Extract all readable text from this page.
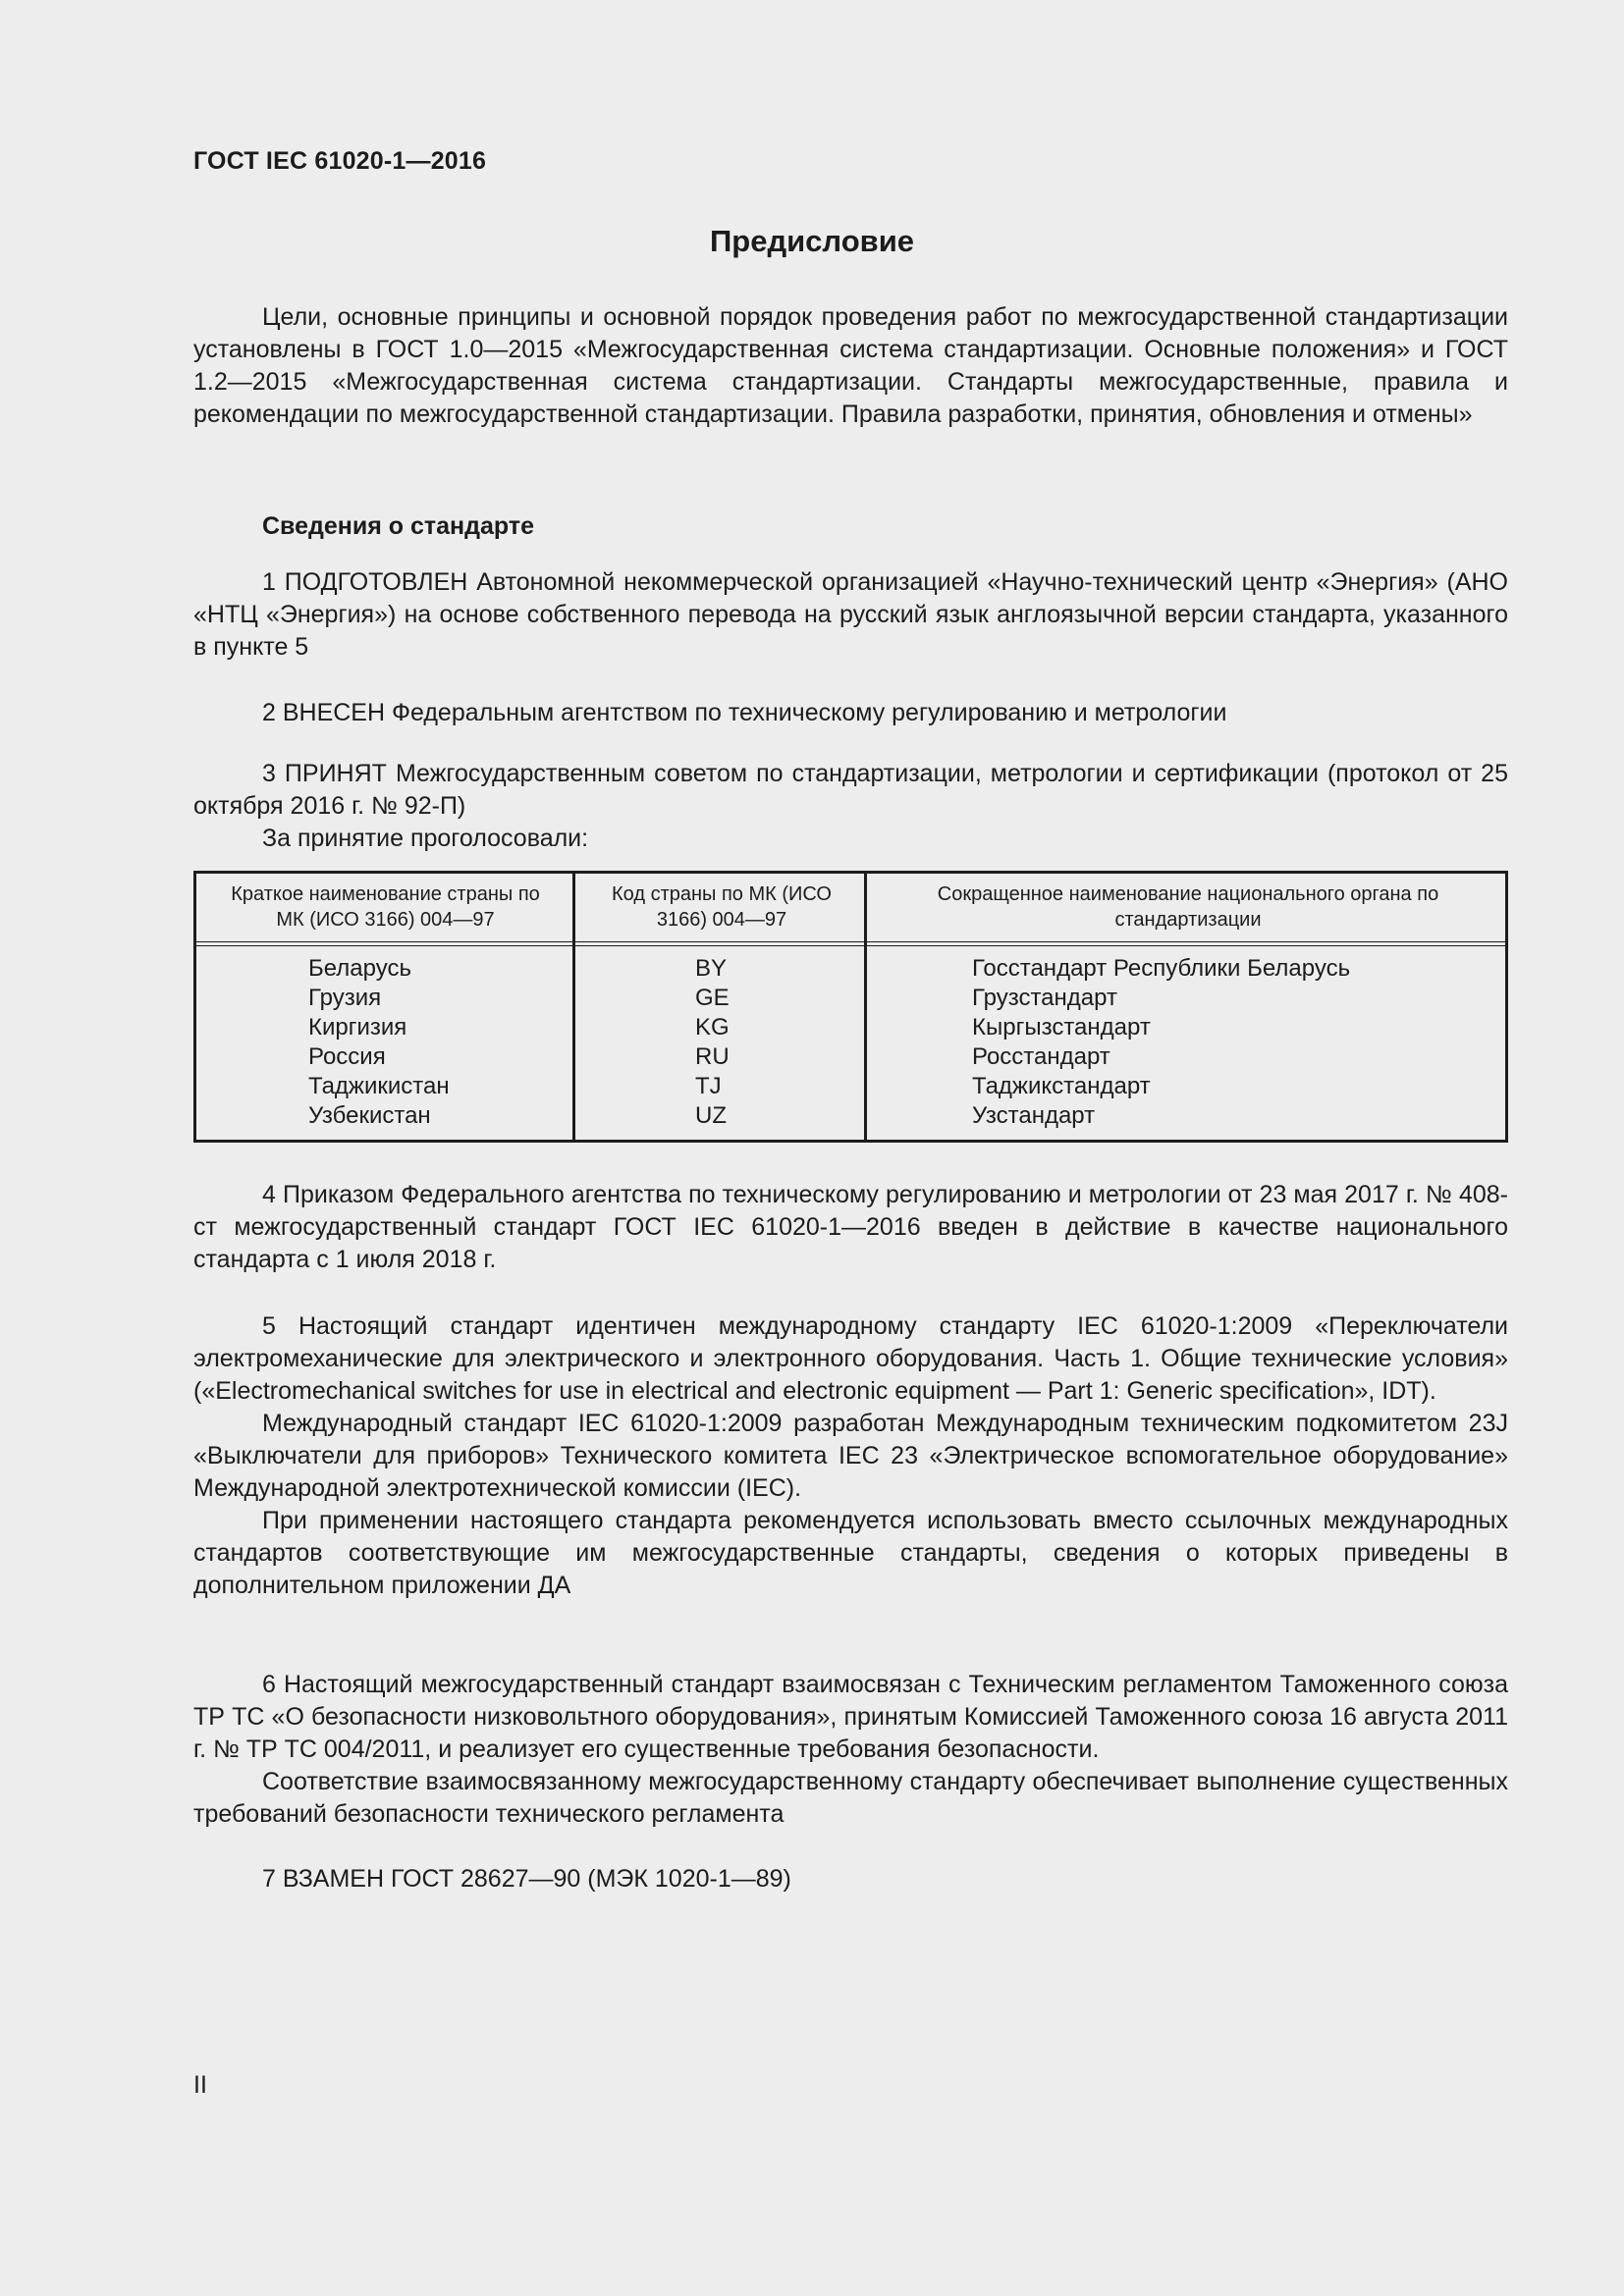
ГОСТ IEC 61020-1—2016
Предисловие

Цели, основные принципы и основной порядок проведения работ по межгосударственной стандартизации установлены в ГОСТ 1.0—2015 «Межгосударственная система стандартизации. Основные положения» и ГОСТ 1.2—2015 «Межгосударственная система стандартизации. Стандарты межгосударственные, правила и рекомендации по межгосударственной стандартизации. Правила разработки, принятия, обновления и отмены»

Сведения о стандарте

1 ПОДГОТОВЛЕН Автономной некоммерческой организацией «Научно-технический центр «Энергия» (АНО «НТЦ «Энергия») на основе собственного перевода на русский язык англоязычной версии стандарта, указанного в пункте 5

2 ВНЕСЕН Федеральным агентством по техническому регулированию и метрологии

3 ПРИНЯТ Межгосударственным советом по стандартизации, метрологии и сертификации (протокол от 25 октября 2016 г. № 92-П)

За принятие проголосовали:

Краткое наименование страны по МК (ИСО 3166) 004—97
Код страны по МК (ИСО 3166) 004—97
Сокращенное наименование национального органа по стандартизации
Беларусь
Грузия
Киргизия
Россия
Таджикистан
Узбекистан
BY
GE
KG
RU
TJ
UZ
Госстандарт Республики Беларусь
Грузстандарт
Кыргызстандарт
Росстандарт
Таджикстандарт
Узстандарт

4 Приказом Федерального агентства по техническому регулированию и метрологии от 23 мая 2017 г. № 408-ст межгосударственный стандарт ГОСТ IEC 61020-1—2016 введен в действие в качестве национального стандарта с 1 июля 2018 г.

5 Настоящий стандарт идентичен международному стандарту IEC 61020-1:2009 «Переключатели электромеханические для электрического и электронного оборудования. Часть 1. Общие технические условия» («Electromechanical switches for use in electrical and electronic equipment — Part 1: Generic specification», IDT).

Международный стандарт IEC 61020-1:2009 разработан Международным техническим подкомитетом 23J «Выключатели для приборов» Технического комитета IEC 23 «Электрическое вспомогательное оборудование» Международной электротехнической комиссии (IEC).

При применении настоящего стандарта рекомендуется использовать вместо ссылочных международных стандартов соответствующие им межгосударственные стандарты, сведения о которых приведены в дополнительном приложении ДА

6 Настоящий межгосударственный стандарт взаимосвязан с Техническим регламентом Таможенного союза ТР ТС «О безопасности низковольтного оборудования», принятым Комиссией Таможенного союза 16 августа 2011 г. № ТР ТС 004/2011, и реализует его существенные требования безопасности.

Соответствие взаимосвязанному межгосударственному стандарту обеспечивает выполнение существенных требований безопасности технического регламента

7 ВЗАМЕН ГОСТ 28627—90 (МЭК 1020-1—89)

II
